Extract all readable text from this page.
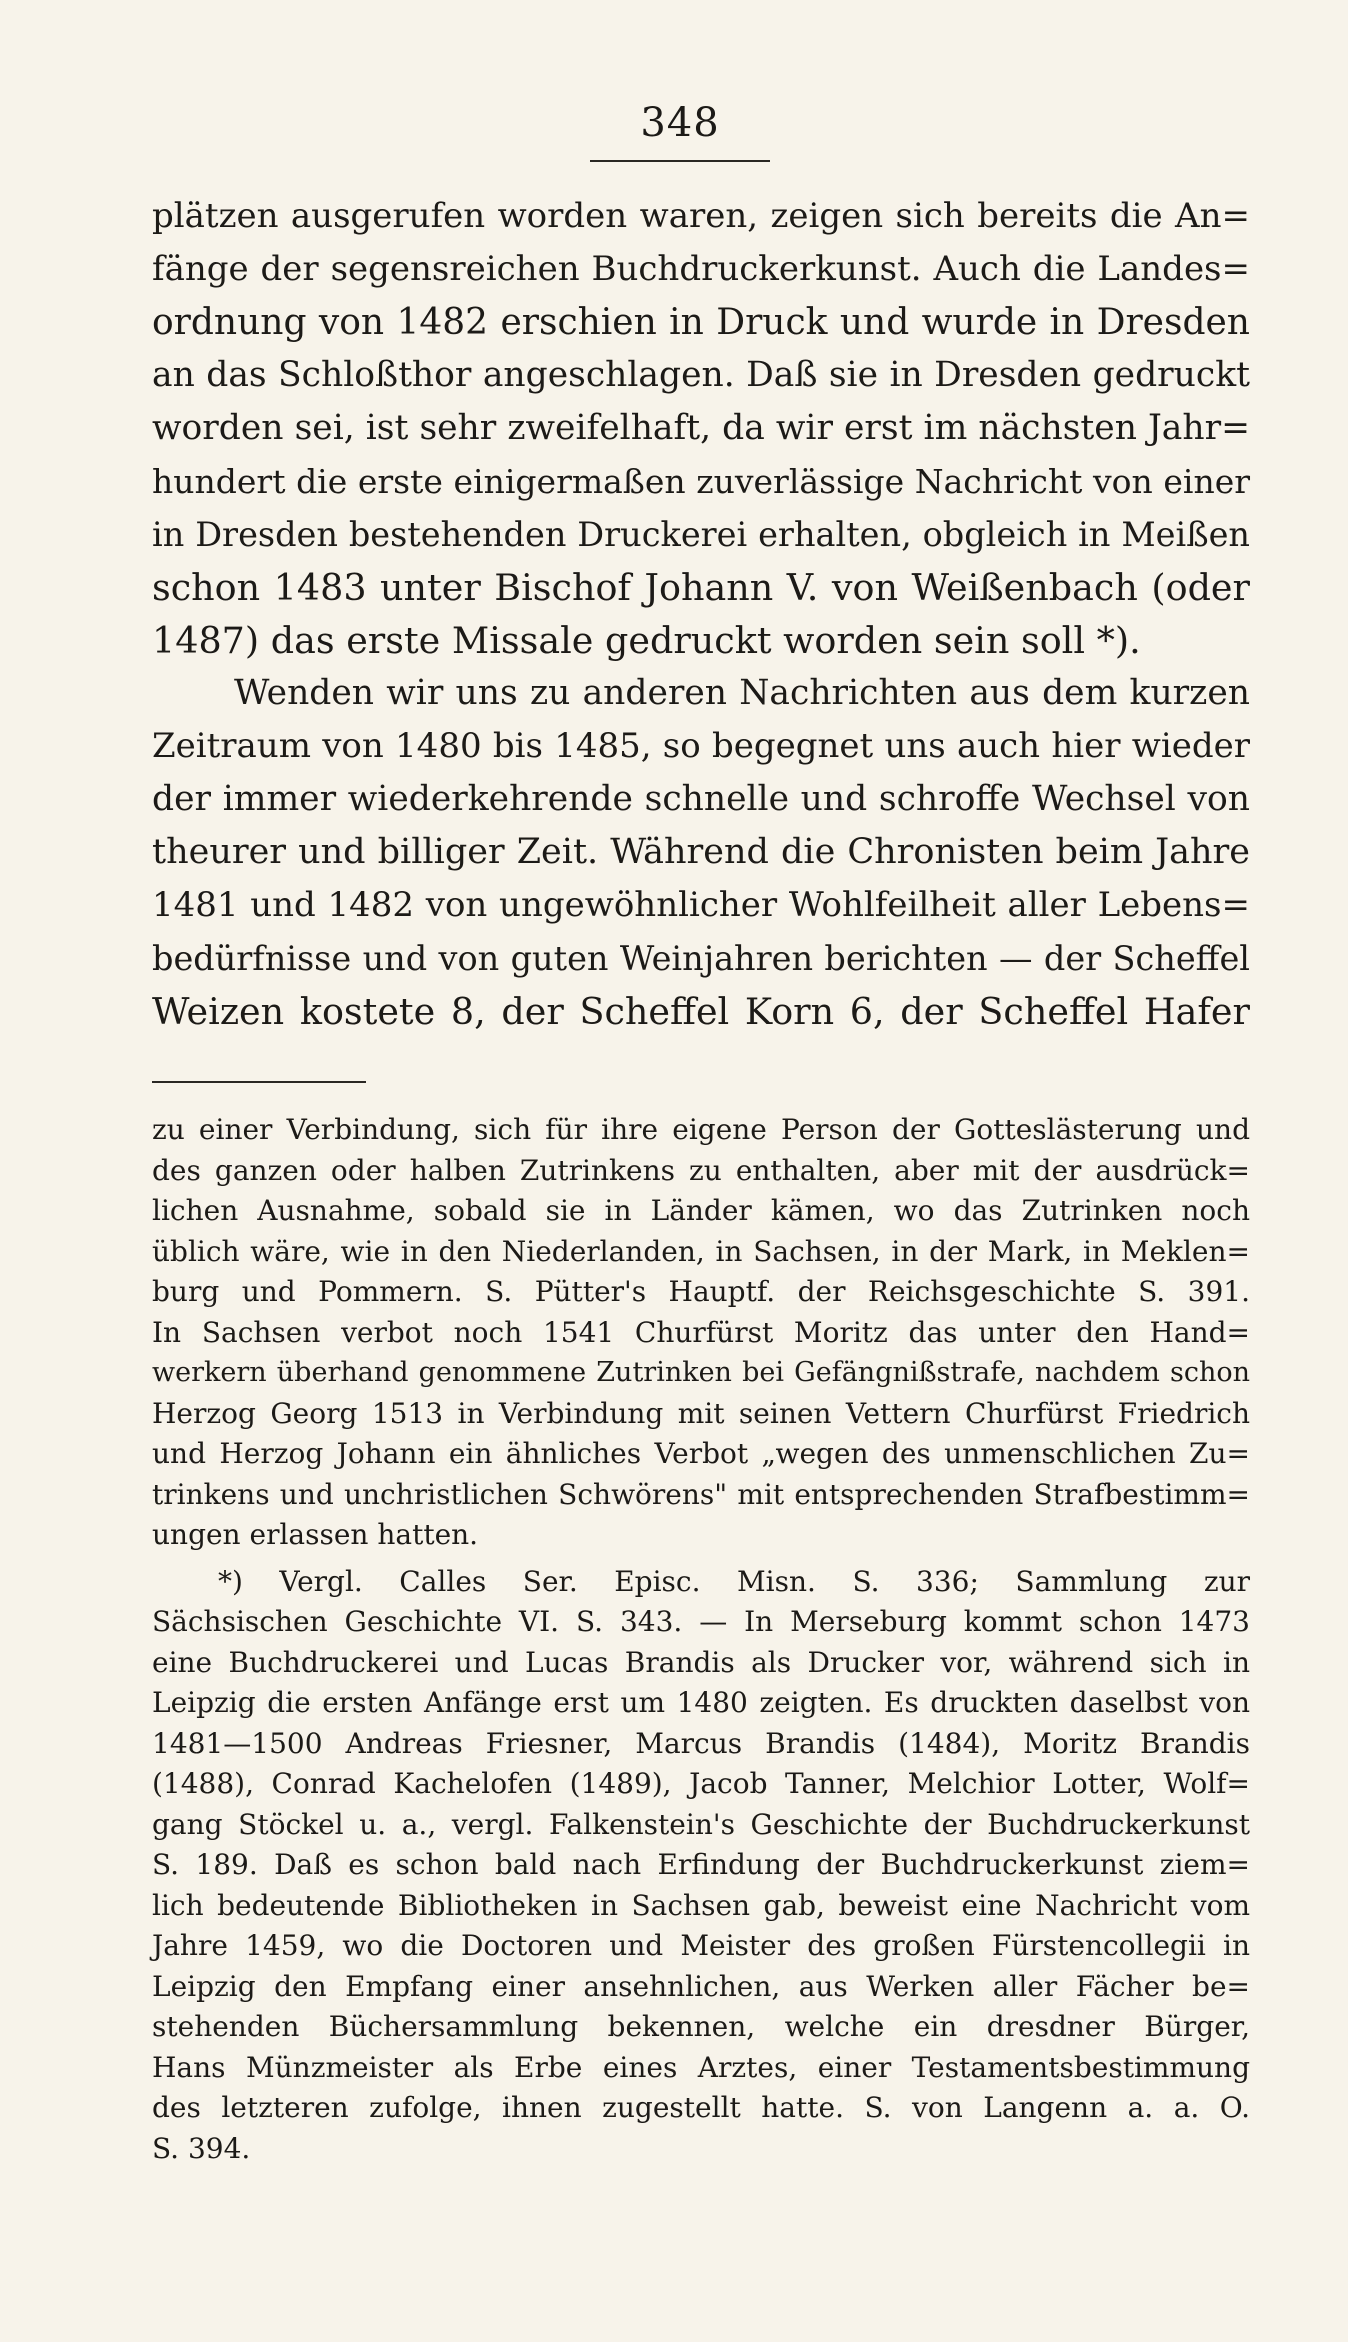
348
plätzen ausgerufen worden waren, zeigen sich bereits die An=
fänge der segensreichen Buchdruckerkunst. Auch die Landes=
ordnung von 1482 erschien in Druck und wurde in Dresden
an das Schloßthor angeschlagen. Daß sie in Dresden gedruckt
worden sei, ist sehr zweifelhaft, da wir erst im nächsten Jahr=
hundert die erste einigermaßen zuverlässige Nachricht von einer
in Dresden bestehenden Druckerei erhalten, obgleich in Meißen
schon 1483 unter Bischof Johann V. von Weißenbach (oder
1487) das erste Missale gedruckt worden sein soll *).
Wenden wir uns zu anderen Nachrichten aus dem kurzen
Zeitraum von 1480 bis 1485, so begegnet uns auch hier wieder
der immer wiederkehrende schnelle und schroffe Wechsel von
theurer und billiger Zeit. Während die Chronisten beim Jahre
1481 und 1482 von ungewöhnlicher Wohlfeilheit aller Lebens=
bedürfnisse und von guten Weinjahren berichten — der Scheffel
Weizen kostete 8, der Scheffel Korn 6, der Scheffel Hafer
zu einer Verbindung, sich für ihre eigene Person der Gotteslästerung und
des ganzen oder halben Zutrinkens zu enthalten, aber mit der ausdrück=
lichen Ausnahme, sobald sie in Länder kämen, wo das Zutrinken noch
üblich wäre, wie in den Niederlanden, in Sachsen, in der Mark, in Meklen=
burg und Pommern. S. Pütter's Hauptf. der Reichsgeschichte S. 391.
In Sachsen verbot noch 1541 Churfürst Moritz das unter den Hand=
werkern überhand genommene Zutrinken bei Gefängnißstrafe, nachdem schon
Herzog Georg 1513 in Verbindung mit seinen Vettern Churfürst Friedrich
und Herzog Johann ein ähnliches Verbot „wegen des unmenschlichen Zu=
trinkens und unchristlichen Schwörens" mit entsprechenden Strafbestimm=
ungen erlassen hatten.
*) Vergl. Calles Ser. Episc. Misn. S. 336; Sammlung zur
Sächsischen Geschichte VI. S. 343. — In Merseburg kommt schon 1473
eine Buchdruckerei und Lucas Brandis als Drucker vor, während sich in
Leipzig die ersten Anfänge erst um 1480 zeigten. Es druckten daselbst von
1481—1500 Andreas Friesner, Marcus Brandis (1484), Moritz Brandis
(1488), Conrad Kachelofen (1489), Jacob Tanner, Melchior Lotter, Wolf=
gang Stöckel u. a., vergl. Falkenstein's Geschichte der Buchdruckerkunst
S. 189. Daß es schon bald nach Erfindung der Buchdruckerkunst ziem=
lich bedeutende Bibliotheken in Sachsen gab, beweist eine Nachricht vom
Jahre 1459, wo die Doctoren und Meister des großen Fürstencollegii in
Leipzig den Empfang einer ansehnlichen, aus Werken aller Fächer be=
stehenden Büchersammlung bekennen, welche ein dresdner Bürger,
Hans Münzmeister als Erbe eines Arztes, einer Testamentsbestimmung
des letzteren zufolge, ihnen zugestellt hatte. S. von Langenn a. a. O.
S. 394.
